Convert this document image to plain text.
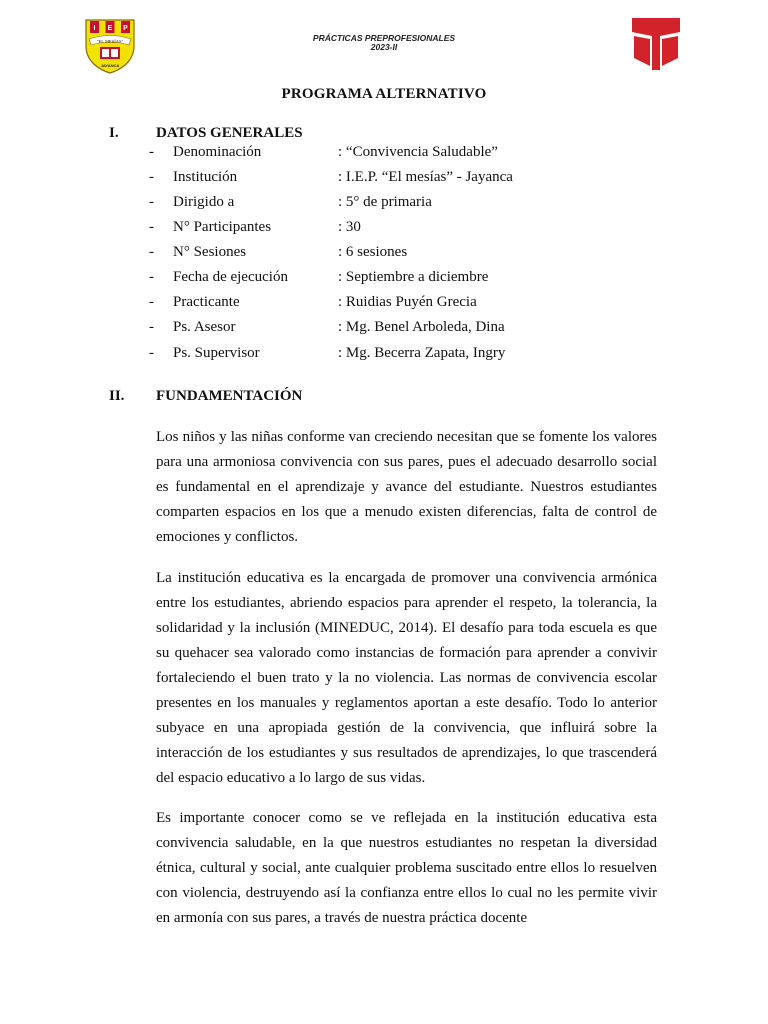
I E P
"EL MESÍAS"
JAYANCA
PRÁCTICAS PREPROFESIONALES
2023-II
PROGRAMA ALTERNATIVO
I. DATOS GENERALES
- Denominación	: “Convivencia Saludable”
- Institución	: I.E.P. “El mesías” - Jayanca
- Dirigido a	: 5° de primaria
- N° Participantes	: 30
- N° Sesiones	: 6 sesiones
- Fecha de ejecución	: Septiembre a diciembre
- Practicante	: Ruidias Puyén Grecia
- Ps. Asesor	: Mg. Benel Arboleda, Dina
- Ps. Supervisor	: Mg. Becerra Zapata, Ingry
II. FUNDAMENTACIÓN

Los niños y las niñas conforme van creciendo necesitan que se fomente los valores para una armoniosa convivencia con sus pares, pues el adecuado desarrollo social es fundamental en el aprendizaje y avance del estudiante. Nuestros estudiantes comparten espacios en los que a menudo existen diferencias, falta de control de emociones y conflictos.

La institución educativa es la encargada de promover una convivencia armónica entre los estudiantes, abriendo espacios para aprender el respeto, la tolerancia, la solidaridad y la inclusión (MINEDUC, 2014). El desafío para toda escuela es que su quehacer sea valorado como instancias de formación para aprender a convivir fortaleciendo el buen trato y la no violencia. Las normas de convivencia escolar presentes en los manuales y reglamentos aportan a este desafío. Todo lo anterior subyace en una apropiada gestión de la convivencia, que influirá sobre la interacción de los estudiantes y sus resultados de aprendizajes, lo que trascenderá del espacio educativo a lo largo de sus vidas.

Es importante conocer como se ve reflejada en la institución educativa esta convivencia saludable, en la que nuestros estudiantes no respetan la diversidad étnica, cultural y social, ante cualquier problema suscitado entre ellos lo resuelven con violencia, destruyendo así la confianza entre ellos lo cual no les permite vivir en armonía con sus pares, a través de nuestra práctica docente
